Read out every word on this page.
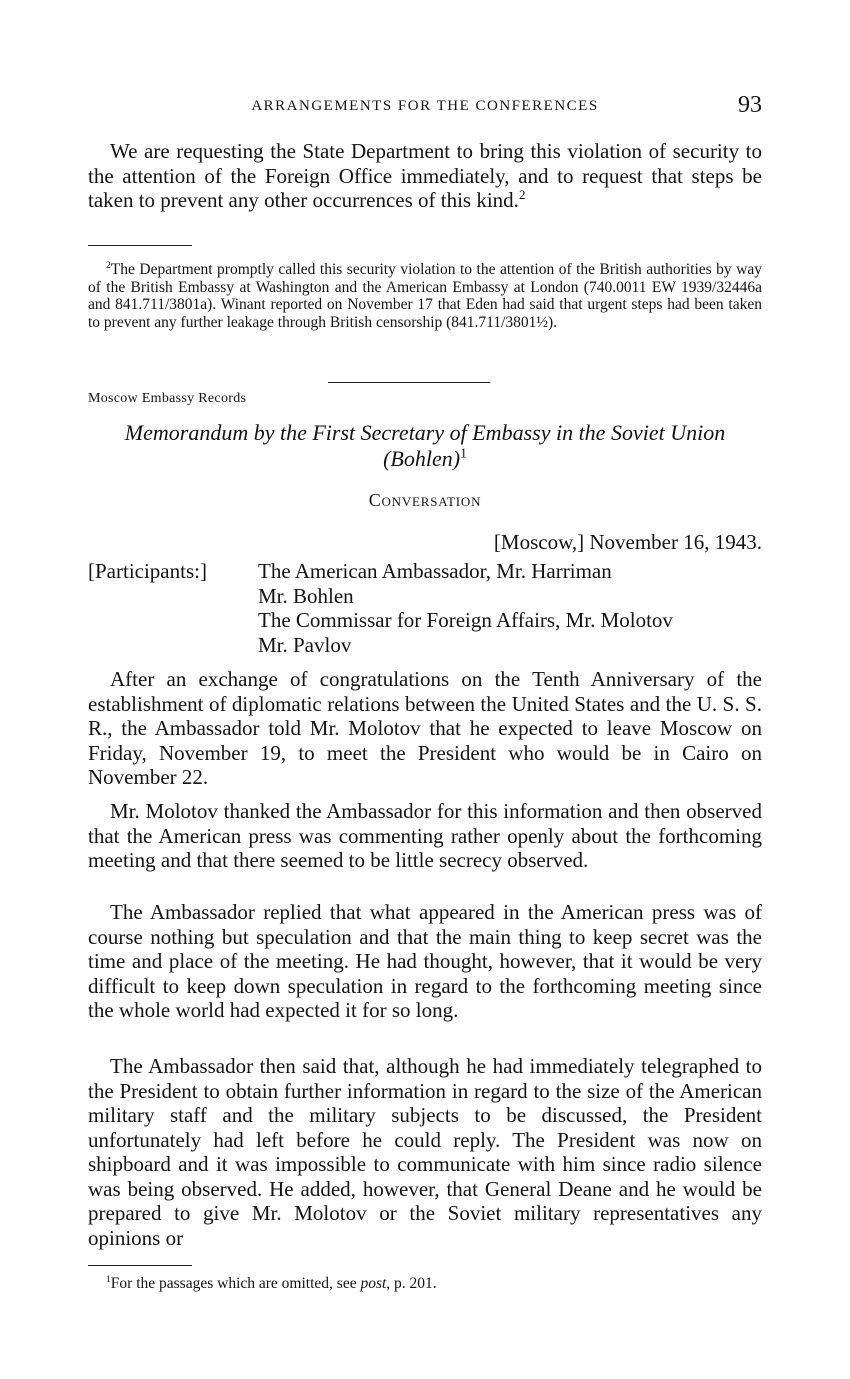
ARRANGEMENTS FOR THE CONFERENCES	93

We are requesting the State Department to bring this violation of security to the attention of the Foreign Office immediately, and to request that steps be taken to prevent any other occurrences of this kind.$^2$

$^2$The Department promptly called this security violation to the attention of the British authorities by way of the British Embassy at Washington and the American Embassy at London (740.0011 EW 1939/32446a and 841.711/3801a). Winant reported on November 17 that Eden had said that urgent steps had been taken to prevent any further leakage through British censorship (841.711/3801½).

Moscow Embassy Records

Memorandum by the First Secretary of Embassy in the Soviet Union (Bohlen)$^1$

Conversation
[Moscow,] November 16, 1943.
[Participants:] The American Ambassador, Mr. Harriman
Mr. Bohlen
The Commissar for Foreign Affairs, Mr. Molotov
Mr. Pavlov

After an exchange of congratulations on the Tenth Anniversary of the establishment of diplomatic relations between the United States and the U. S. S. R., the Ambassador told Mr. Molotov that he expected to leave Moscow on Friday, November 19, to meet the President who would be in Cairo on November 22.

Mr. Molotov thanked the Ambassador for this information and then observed that the American press was commenting rather openly about the forthcoming meeting and that there seemed to be little secrecy observed.

The Ambassador replied that what appeared in the American press was of course nothing but speculation and that the main thing to keep secret was the time and place of the meeting. He had thought, however, that it would be very difficult to keep down speculation in regard to the forthcoming meeting since the whole world had expected it for so long.

The Ambassador then said that, although he had immediately telegraphed to the President to obtain further information in regard to the size of the American military staff and the military subjects to be discussed, the President unfortunately had left before he could reply. The President was now on shipboard and it was impossible to communicate with him since radio silence was being observed. He added, however, that General Deane and he would be prepared to give Mr. Molotov or the Soviet military representatives any opinions or

$^1$For the passages which are omitted, see post, p. 201.
